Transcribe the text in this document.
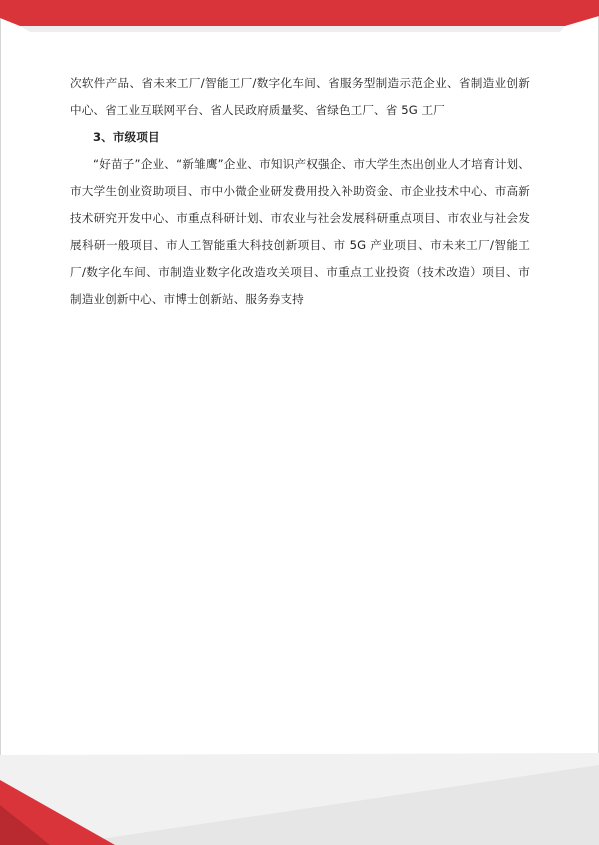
次软件产品、省未来工厂/智能工厂/数字化车间、省服务型制造示范企业、省制造业创新中心、省工业互联网平台、省人民政府质量奖、省绿色工厂、省 5G 工厂

3、市级项目

“好苗子”企业、“新雏鹰”企业、市知识产权强企、市大学生杰出创业人才培育计划、市大学生创业资助项目、市中小微企业研发费用投入补助资金、市企业技术中心、市高新技术研究开发中心、市重点科研计划、市农业与社会发展科研重点项目、市农业与社会发展科研一般项目、市人工智能重大科技创新项目、市 5G 产业项目、市未来工厂/智能工厂/数字化车间、市制造业数字化改造攻关项目、市重点工业投资（技术改造）项目、市制造业创新中心、市博士创新站、服务券支持
